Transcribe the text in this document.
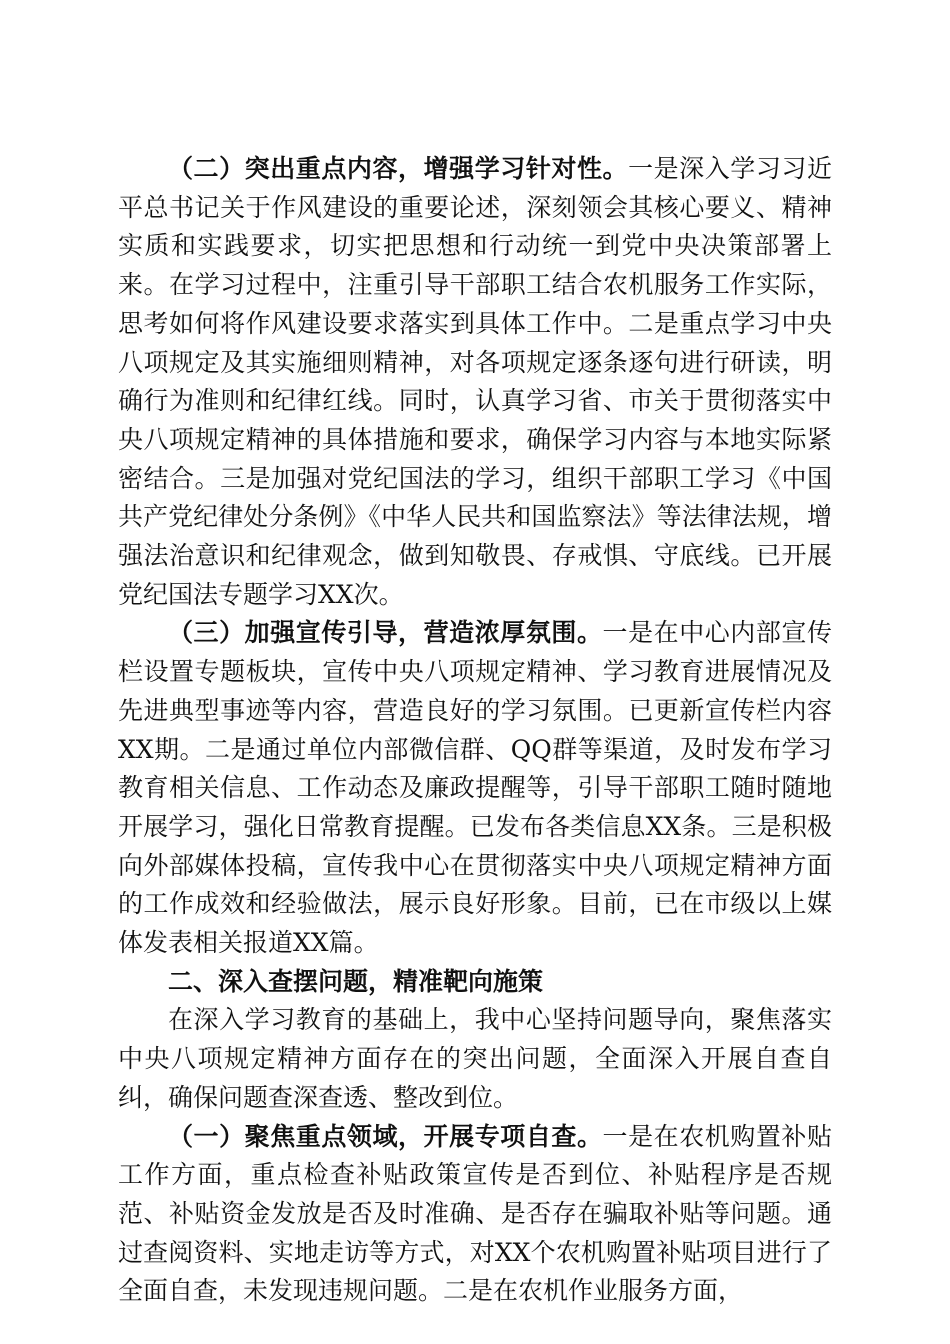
（二）突出重点内容，增强学习针对性。一是深入学习习近平总书记关于作风建设的重要论述，深刻领会其核心要义、精神实质和实践要求，切实把思想和行动统一到党中央决策部署上来。在学习过程中，注重引导干部职工结合农机服务工作实际，思考如何将作风建设要求落实到具体工作中。二是重点学习中央八项规定及其实施细则精神，对各项规定逐条逐句进行研读，明确行为准则和纪律红线。同时，认真学习省、市关于贯彻落实中央八项规定精神的具体措施和要求，确保学习内容与本地实际紧密结合。三是加强对党纪国法的学习，组织干部职工学习《中国共产党纪律处分条例》《中华人民共和国监察法》等法律法规，增强法治意识和纪律观念，做到知敬畏、存戒惧、守底线。已开展党纪国法专题学习XX次。

（三）加强宣传引导，营造浓厚氛围。一是在中心内部宣传栏设置专题板块，宣传中央八项规定精神、学习教育进展情况及先进典型事迹等内容，营造良好的学习氛围。已更新宣传栏内容XX期。二是通过单位内部微信群、QQ群等渠道，及时发布学习教育相关信息、工作动态及廉政提醒等，引导干部职工随时随地开展学习，强化日常教育提醒。已发布各类信息XX条。三是积极向外部媒体投稿，宣传我中心在贯彻落实中央八项规定精神方面的工作成效和经验做法，展示良好形象。目前，已在市级以上媒体发表相关报道XX篇。

二、深入查摆问题，精准靶向施策

在深入学习教育的基础上，我中心坚持问题导向，聚焦落实中央八项规定精神方面存在的突出问题，全面深入开展自查自纠，确保问题查深查透、整改到位。

（一）聚焦重点领域，开展专项自查。一是在农机购置补贴工作方面，重点检查补贴政策宣传是否到位、补贴程序是否规范、补贴资金发放是否及时准确、是否存在骗取补贴等问题。通过查阅资料、实地走访等方式，对XX个农机购置补贴项目进行了全面自查，未发现违规问题。二是在农机作业服务方面，
